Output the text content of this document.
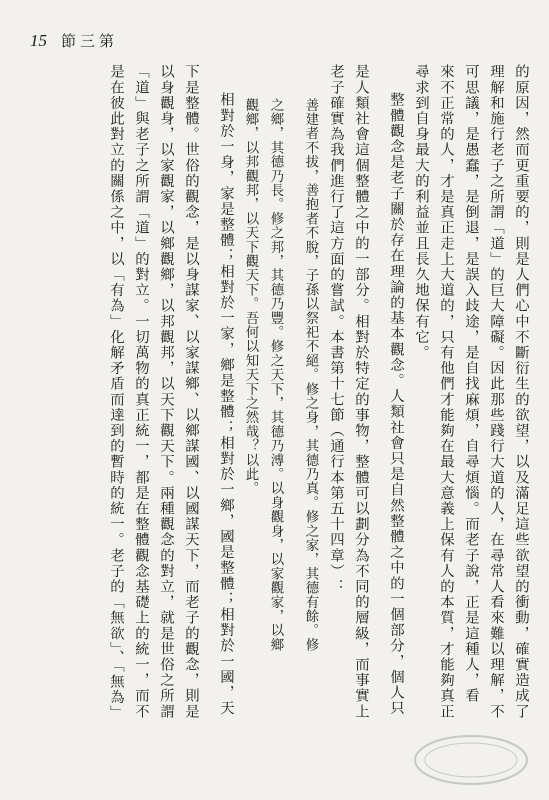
15 節三第

的原因，然而更重要的，則是人們心中不斷衍生的欲望，以及滿足這些欲望的衝動，確實造成了

理解和施行老子之所謂「道」的巨大障礙。因此那些踐行大道的人，在尋常人看來難以理解，不

可思議，是愚蠢，是倒退，是誤入歧途，是自找麻煩，自尋煩惱。而老子說，正是這種人，看

來不正常的人，才是真正走上大道的，只有他們才能夠在最大意義上保有人的本質，才能夠真正

尋求到自身最大的利益並且長久地保有它。

整體觀念是老子關於存在理論的基本觀念。人類社會只是自然整體之中的一個部分，個人只

是人類社會這個整體之中的一部分。相對於特定的事物，整體可以劃分為不同的層級，而事實上

老子確實為我們進行了這方面的嘗試。本書第十七節（通行本第五十四章）：

善建者不拔，善抱者不脫，子孫以祭祀不絕。修之身，其德乃真。修之家，其德有餘。修

之鄉，其德乃長。修之邦，其德乃豐。修之天下，其德乃溥。以身觀身，以家觀家，以鄉

觀鄉，以邦觀邦，以天下觀天下。吾何以知天下之然哉？以此。

相對於一身，家是整體；相對於一家，鄉是整體；相對於一鄉，國是整體；相對於一國，天

下是整體。世俗的觀念，是以身謀家、以家謀鄉、以鄉謀國、以國謀天下，而老子的觀念，則是

以身觀身，以家觀家，以鄉觀鄉，以邦觀邦，以天下觀天下。兩種觀念的對立，就是世俗之所謂

「道」與老子之所謂「道」的對立。一切萬物的真正統一，都是在整體觀念基礎上的統一，而不

是在彼此對立的關係之中，以「有為」化解矛盾而達到的暫時的統一。老子的「無欲」、「無為」
